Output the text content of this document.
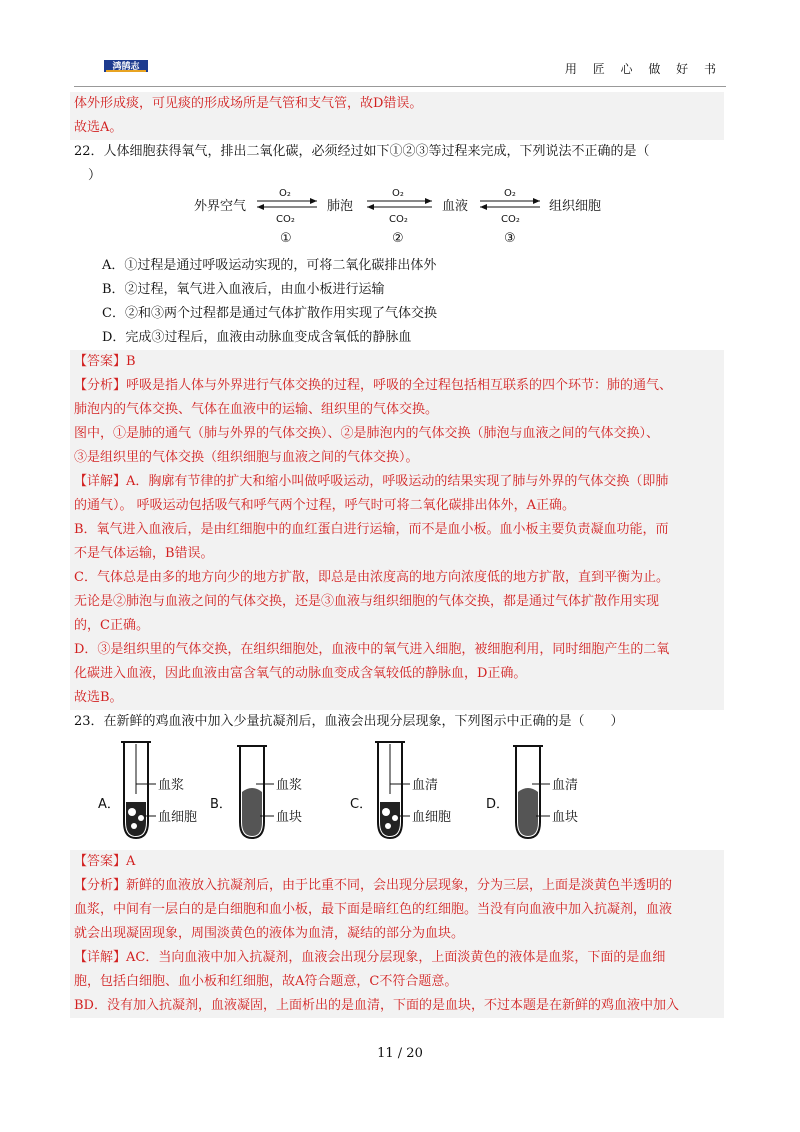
鸿鹄志	用 匠 心 做 好 书
体外形成痰，可见痰的形成场所是气管和支气管，故D错误。
故选A。
22．人体细胞获得氧气，排出二氧化碳，必须经过如下①②③等过程来完成，下列说法不正确的是（
）
外界空气	肺泡	血液	组织细胞
O₂
CO₂
①
O₂
CO₂
②
O₂
CO₂
③
A．①过程是通过呼吸运动实现的，可将二氧化碳排出体外
B．②过程，氧气进入血液后，由血小板进行运输
C．②和③两个过程都是通过气体扩散作用实现了气体交换
D．完成③过程后，血液由动脉血变成含氧低的静脉血
【答案】B
【分析】呼吸是指人体与外界进行气体交换的过程，呼吸的全过程包括相互联系的四个环节：肺的通气、
肺泡内的气体交换、气体在血液中的运输、组织里的气体交换。
图中，①是肺的通气（肺与外界的气体交换）、②是肺泡内的气体交换（肺泡与血液之间的气体交换）、
③是组织里的气体交换（组织细胞与血液之间的气体交换）。
【详解】A．胸廓有节律的扩大和缩小叫做呼吸运动，呼吸运动的结果实现了肺与外界的气体交换（即肺
的通气）。 呼吸运动包括吸气和呼气两个过程，呼气时可将二氧化碳排出体外，A正确。
B．氧气进入血液后，是由红细胞中的血红蛋白进行运输，而不是血小板。血小板主要负责凝血功能，而
不是气体运输，B错误。
C．气体总是由多的地方向少的地方扩散，即总是由浓度高的地方向浓度低的地方扩散，直到平衡为止。
无论是②肺泡与血液之间的气体交换，还是③血液与组织细胞的气体交换，都是通过气体扩散作用实现
的，C正确。
D．③是组织里的气体交换，在组织细胞处，血液中的氧气进入细胞，被细胞利用，同时细胞产生的二氧
化碳进入血液，因此血液由富含氧气的动脉血变成含氧较低的静脉血，D正确。
故选B。
23．在新鲜的鸡血液中加入少量抗凝剂后，血液会出现分层现象，下列图示中正确的是（　　）
A．
血浆
血细胞
B．
血浆
血块
C．
血清
血细胞
D．
血清
血块
【答案】A
【分析】新鲜的血液放入抗凝剂后，由于比重不同，会出现分层现象，分为三层，上面是淡黄色半透明的
血浆，中间有一层白的是白细胞和血小板，最下面是暗红色的红细胞。当没有向血液中加入抗凝剂，血液
就会出现凝固现象，周围淡黄色的液体为血清，凝结的部分为血块。
【详解】AC．当向血液中加入抗凝剂，血液会出现分层现象，上面淡黄色的液体是血浆，下面的是血细
胞，包括白细胞、血小板和红细胞，故A符合题意，C不符合题意。
BD．没有加入抗凝剂，血液凝固，上面析出的是血清，下面的是血块，不过本题是在新鲜的鸡血液中加入
11 / 20
